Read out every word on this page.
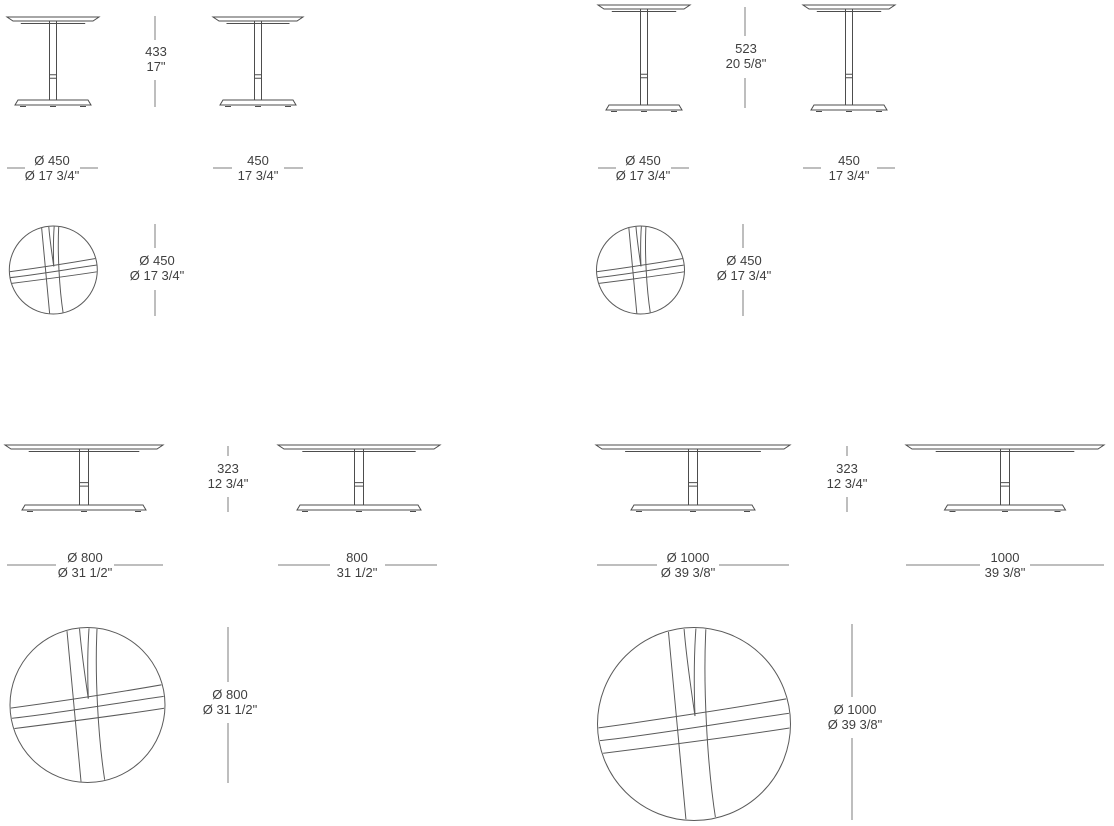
433
17"
Ø 450
Ø 17 3/4"
450
17 3/4"
Ø 450
Ø 17 3/4"
523
20 5/8"
Ø 450
Ø 17 3/4"
450
17 3/4"
Ø 450
Ø 17 3/4"
323
12 3/4"
Ø 800
Ø 31 1/2"
800
31 1/2"
Ø 800
Ø 31 1/2"
323
12 3/4"
Ø 1000
Ø 39 3/8"
1000
39 3/8"
Ø 1000
Ø 39 3/8"
